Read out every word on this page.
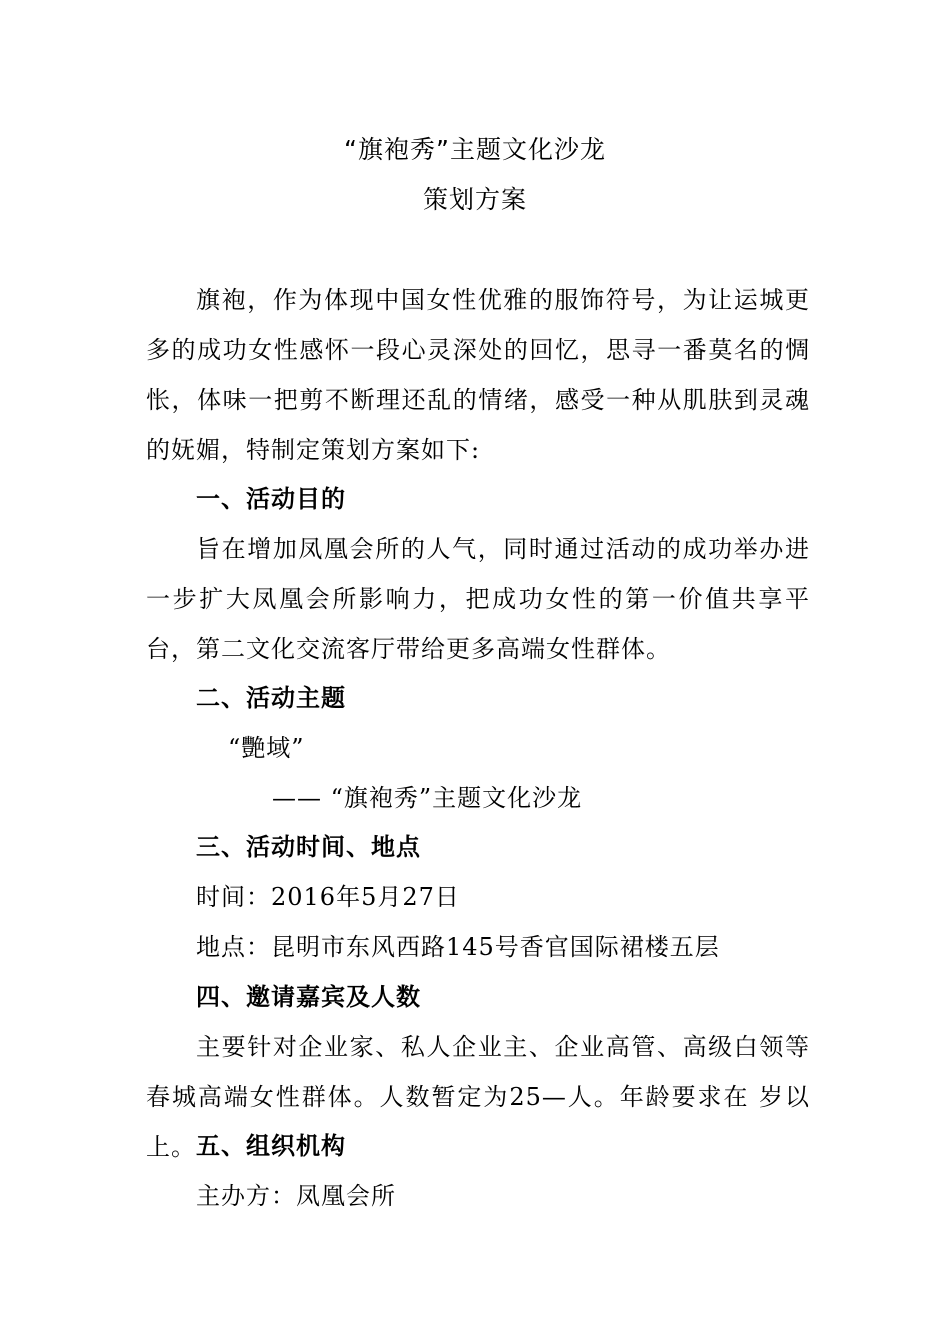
“旗袍秀”主题文化沙龙
策划方案

旗袍，作为体现中国女性优雅的服饰符号，为让运城更多的成功女性感怀一段心灵深处的回忆，思寻一番莫名的惆怅，体味一把剪不断理还乱的情绪，感受一种从肌肤到灵魂的妩媚，特制定策划方案如下:

一、活动目的

旨在增加凤凰会所的人气，同时通过活动的成功举办进一步扩大凤凰会所影响力，把成功女性的第一价值共享平台，第二文化交流客厅带给更多高端女性群体。

二、活动主题

“艷域”

—— “旗袍秀”主题文化沙龙

三、活动时间、地点

时间：2016年5月27日

地点：昆明市东风西路145号香官国际裙楼五层

四、邀请嘉宾及人数

主要针对企业家、私人企业主、企业高管、高级白领等春城高端女性群体。人数暂定为25—人。年龄要求在 岁以上。 五、组织机构

主办方：凤凰会所
